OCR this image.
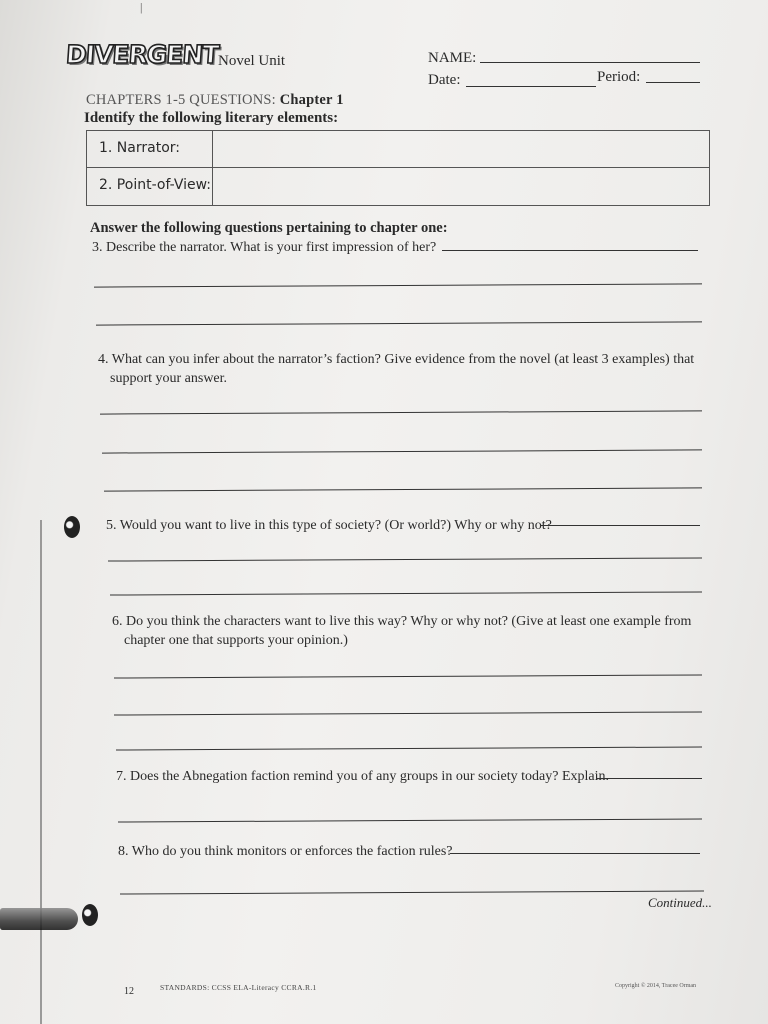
|
DIVERGENT
Novel Unit	NAME:
Date:	Period:
CHAPTERS 1-5 QUESTIONS: Chapter 1
Identify the following literary elements:
1. Narrator:
2. Point-of-View:
Answer the following questions pertaining to chapter one:
3. Describe the narrator. What is your first impression of her?
4. What can you infer about the narrator’s faction? Give evidence from the novel (at least 3 examples) that
support your answer.
5. Would you want to live in this type of society? (Or world?) Why or why not?
6. Do you think the characters want to live this way? Why or why not? (Give at least one example from
chapter one that supports your opinion.)
7. Does the Abnegation faction remind you of any groups in our society today? Explain.
8. Who do you think monitors or enforces the faction rules?
Continued...
12	STANDARDS: CCSS ELA-Literacy CCRA.R.1	Copyright © 2014, Tracee Orman
